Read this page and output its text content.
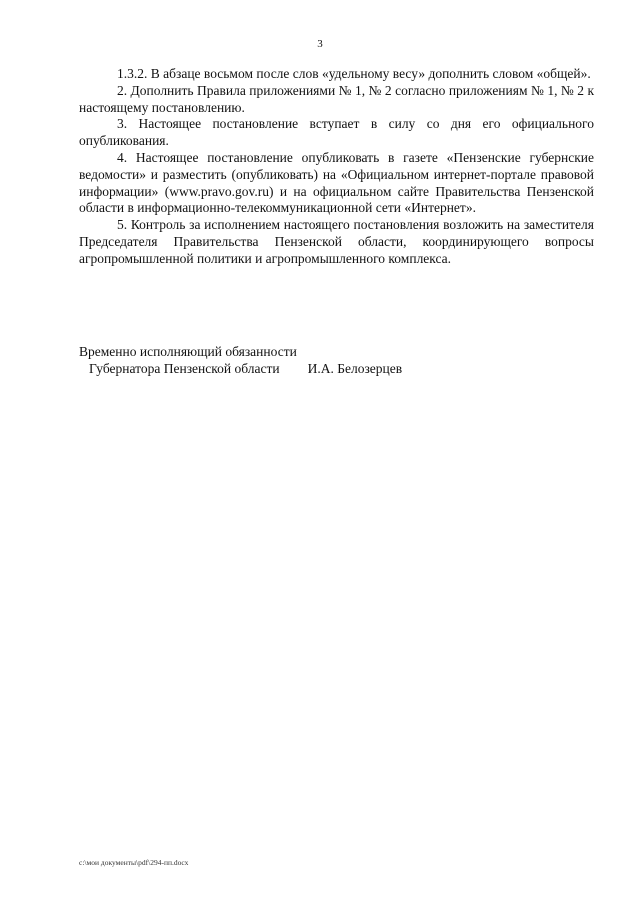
3

1.3.2. В абзаце восьмом после слов «удельному весу» дополнить словом «общей».

2. Дополнить Правила приложениями № 1, № 2 согласно приложениям № 1, № 2 к настоящему постановлению.

3. Настоящее постановление вступает в силу со дня его официального опубликования.

4. Настоящее постановление опубликовать в газете «Пензенские губернские ведомости» и разместить (опубликовать) на «Официальном интернет-портале правовой информации» (www.pravo.gov.ru) и на официальном сайте Правительства Пензенской области в информационно-телекоммуникационной сети «Интернет».

5. Контроль за исполнением настоящего постановления возложить на заместителя Председателя Правительства Пензенской области, координирующего вопросы агропромышленной политики и агропромышленного комплекса.

Временно исполняющий обязанности

Губернатора Пензенской области И.А. Белозерцев

c:\мои документы\pdf\294-пп.docx
